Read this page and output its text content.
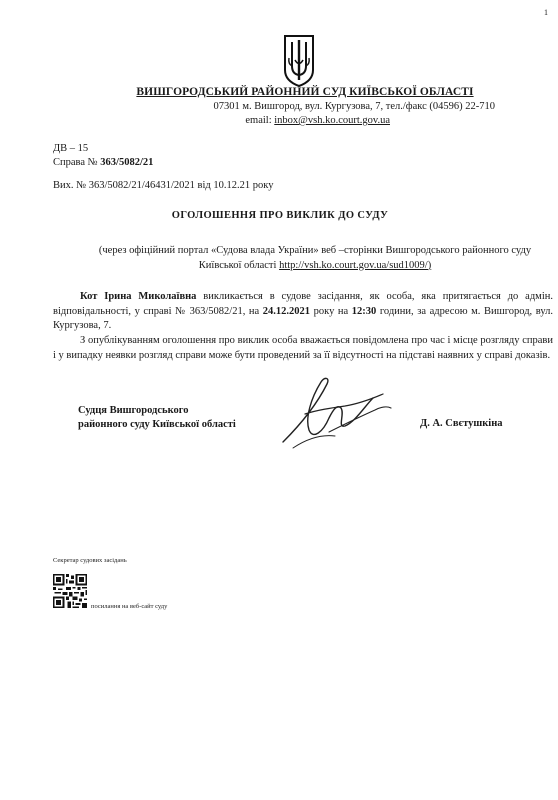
1
ВИШГОРОДСЬКИЙ РАЙОННИЙ СУД КИЇВСЬКОЇ ОБЛАСТІ
07301 м. Вишгород, вул. Кургузова, 7, тел./факс (04596) 22-710
email: inbox@vsh.ko.court.gov.ua
ДВ – 15
Справа № 363/5082/21
Вих. № 363/5082/21/46431/2021 від 10.12.21 року
ОГОЛОШЕННЯ ПРО ВИКЛИК ДО СУДУ
(через офіційний портал «Судова влада України» веб –сторінки Вишгородського районного суду Київської області http://vsh.ko.court.gov.ua/sud1009/)
Кот Ірина Миколаївна викликається в судове засідання, як особа, яка притягається до адмін. відповідальності, у справі № 363/5082/21, на 24.12.2021 року на 12:30 години, за адресою м. Вишгород, вул. Кургузова, 7.
З опублікуванням оголошення про виклик особа вважається повідомлена про час і місце розгляду справи і у випадку неявки розгляд справи може бути проведений за її відсутності на підставі наявних у справі доказів.
Судця Вишгородського
районного суду Київської області	Д. А. Свєтушкіна
Секретар судових засідань
посилання на веб-сайт суду
